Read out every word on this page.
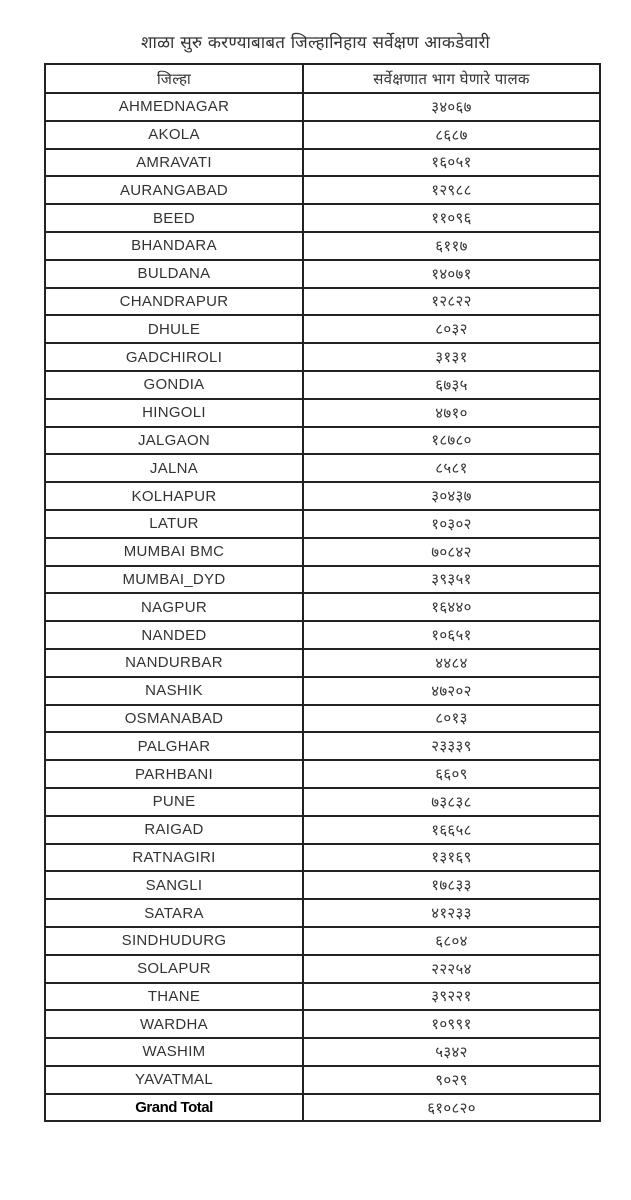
शाळा सुरु करण्याबाबत जिल्हानिहाय सर्वेक्षण आकडेवारी
जिल्हा	सर्वेक्षणात भाग घेणारे पालक
AHMEDNAGAR	३४०६७
AKOLA	८६८७
AMRAVATI	१६०५१
AURANGABAD	१२९८८
BEED	११०९६
BHANDARA	६११७
BULDANA	१४०७१
CHANDRAPUR	१२८२२
DHULE	८०३२
GADCHIROLI	३१३१
GONDIA	६७३५
HINGOLI	४७१०
JALGAON	१८७८०
JALNA	८५८१
KOLHAPUR	३०४३७
LATUR	१०३०२
MUMBAI BMC	७०८४२
MUMBAI_DYD	३९३५१
NAGPUR	१६४४०
NANDED	१०६५१
NANDURBAR	४४८४
NASHIK	४७२०२
OSMANABAD	८०१३
PALGHAR	२३३३९
PARHBANI	६६०९
PUNE	७३८३८
RAIGAD	१६६५८
RATNAGIRI	१३१६९
SANGLI	१७८३३
SATARA	४१२३३
SINDHUDURG	६८०४
SOLAPUR	२२२५४
THANE	३९२२१
WARDHA	१०९९१
WASHIM	५३४२
YAVATMAL	९०२९
Grand Total	६१०८२०
